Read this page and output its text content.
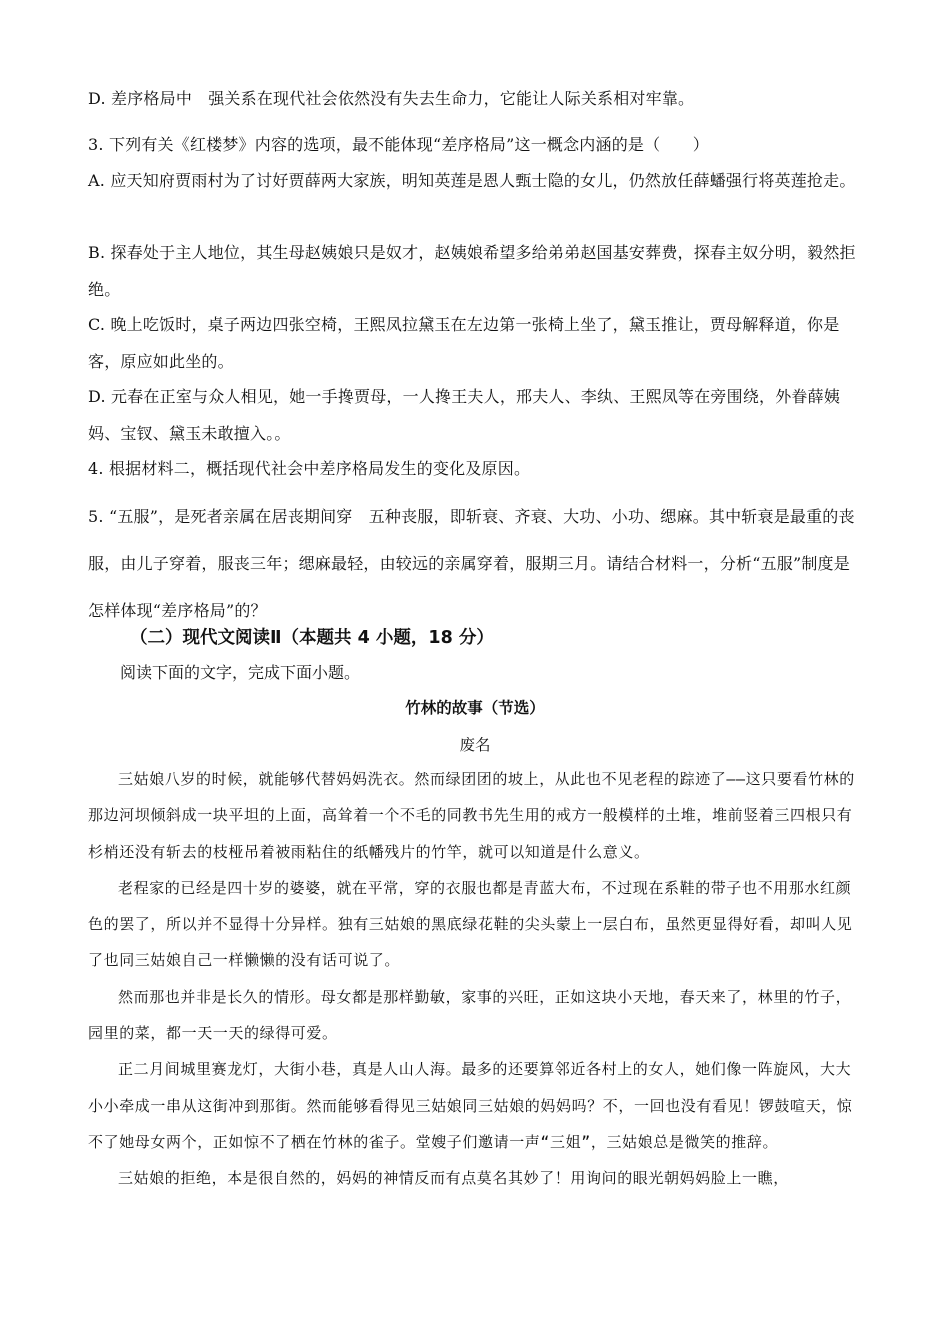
D. 差序格局中　强关系在现代社会依然没有失去生命力，它能让人际关系相对牢靠。

3. 下列有关《红楼梦》内容的选项，最不能体现“差序格局”这一概念内涵的是（　　）

A. 应天知府贾雨村为了讨好贾薛两大家族，明知英莲是恩人甄士隐的女儿，仍然放任薛蟠强行将英莲抢走。

B. 探春处于主人地位，其生母赵姨娘只是奴才，赵姨娘希望多给弟弟赵国基安葬费，探春主奴分明，毅然拒绝。

C. 晚上吃饭时，桌子两边四张空椅，王熙凤拉黛玉在左边第一张椅上坐了，黛玉推让，贾母解释道，你是客，原应如此坐的。

D. 元春在正室与众人相见，她一手搀贾母，一人搀王夫人，邢夫人、李纨、王熙凤等在旁围绕，外眷薛姨妈、宝钗、黛玉未敢擅入。。

4. 根据材料二，概括现代社会中差序格局发生的变化及原因。

5. “五服”，是死者亲属在居丧期间穿　五种丧服，即斩衰、齐衰、大功、小功、缌麻。其中斩衰是最重的丧服，由儿子穿着，服丧三年；缌麻最轻，由较远的亲属穿着，服期三月。请结合材料一，分析“五服”制度是怎样体现“差序格局”的？

（二）现代文阅读Ⅱ（本题共 4 小题，18 分）

阅读下面的文字，完成下面小题。

竹林的故事（节选）

废名

三姑娘八岁的时候，就能够代替妈妈洗衣。然而绿团团的坡上，从此也不见老程的踪迹了——这只要看竹林的那边河坝倾斜成一块平坦的上面，高耸着一个不毛的同教书先生用的戒方一般模样的土堆，堆前竖着三四根只有杉梢还没有斩去的枝桠吊着被雨粘住的纸幡残片的竹竿，就可以知道是什么意义。

老程家的已经是四十岁的婆婆，就在平常，穿的衣服也都是青蓝大布，不过现在系鞋的带子也不用那水红颜色的罢了，所以并不显得十分异样。独有三姑娘的黑底绿花鞋的尖头蒙上一层白布，虽然更显得好看，却叫人见了也同三姑娘自己一样懒懒的没有话可说了。

然而那也并非是长久的情形。母女都是那样勤敏，家事的兴旺，正如这块小天地，春天来了，林里的竹子，园里的菜，都一天一天的绿得可爱。

正二月间城里赛龙灯，大街小巷，真是人山人海。最多的还要算邻近各村上的女人，她们像一阵旋风，大大小小牵成一串从这街冲到那街。然而能够看得见三姑娘同三姑娘的妈妈吗？不，一回也没有看见！锣鼓喧天，惊不了她母女两个，正如惊不了栖在竹林的雀子。堂嫂子们邀请一声“三姐”，三姑娘总是微笑的推辞。

三姑娘的拒绝，本是很自然的，妈妈的神情反而有点莫名其妙了！用询问的眼光朝妈妈脸上一瞧，
